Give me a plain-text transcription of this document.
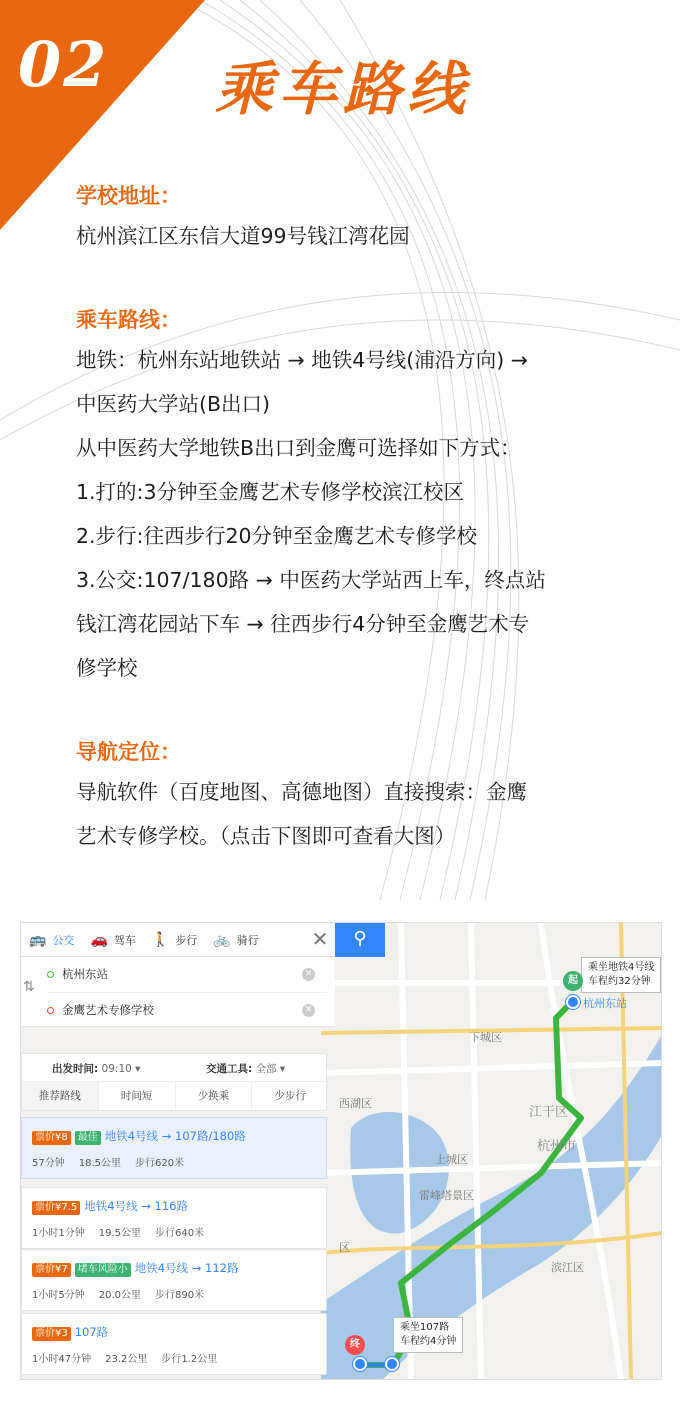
02 乘车路线
学校地址：
杭州滨江区东信大道99号钱江湾花园
乘车路线：
地铁：杭州东站地铁站 → 地铁4号线(浦沿方向) →
中医药大学站(B出口)
从中医药大学地铁B出口到金鹰可选择如下方式：
1.打的:3分钟至金鹰艺术专修学校滨江校区
2.步行:往西步行20分钟至金鹰艺术专修学校
3.公交:107/180路 → 中医药大学站西上车，终点站
钱江湾花园站下车 → 往西步行4分钟至金鹰艺术专
修学校
导航定位：
导航软件（百度地图、高德地图）直接搜索：金鹰
艺术专修学校。（点击下图即可查看大图）
🚌 公交 🚗 驾车 🚶 步行 🚲 骑行	✕	⚲
⇅
杭州东站	✕
金鹰艺术专修学校	✕
出发时间: 09:10 ▾	交通工具: 全部 ▾
推荐路线	时间短	少换乘	少步行
票价¥8 最佳 地铁4号线 → 107路/180路
57分钟 18.5公里 步行620米
票价¥7.5 地铁4号线 → 116路
1小时1分钟 19.5公里 步行640米
票价¥7 堵车风险小 地铁4号线 → 112路
1小时5分钟 20.0公里 步行890米
票价¥3 107路
1小时47分钟 23.2公里 步行1.2公里
下城区
江干区
杭州市
上城区
西湖区
雷峰塔景区
滨江区
区
杭州东站
乘坐地铁4号线
车程约32分钟
乘坐107路
车程约4分钟
起
终
